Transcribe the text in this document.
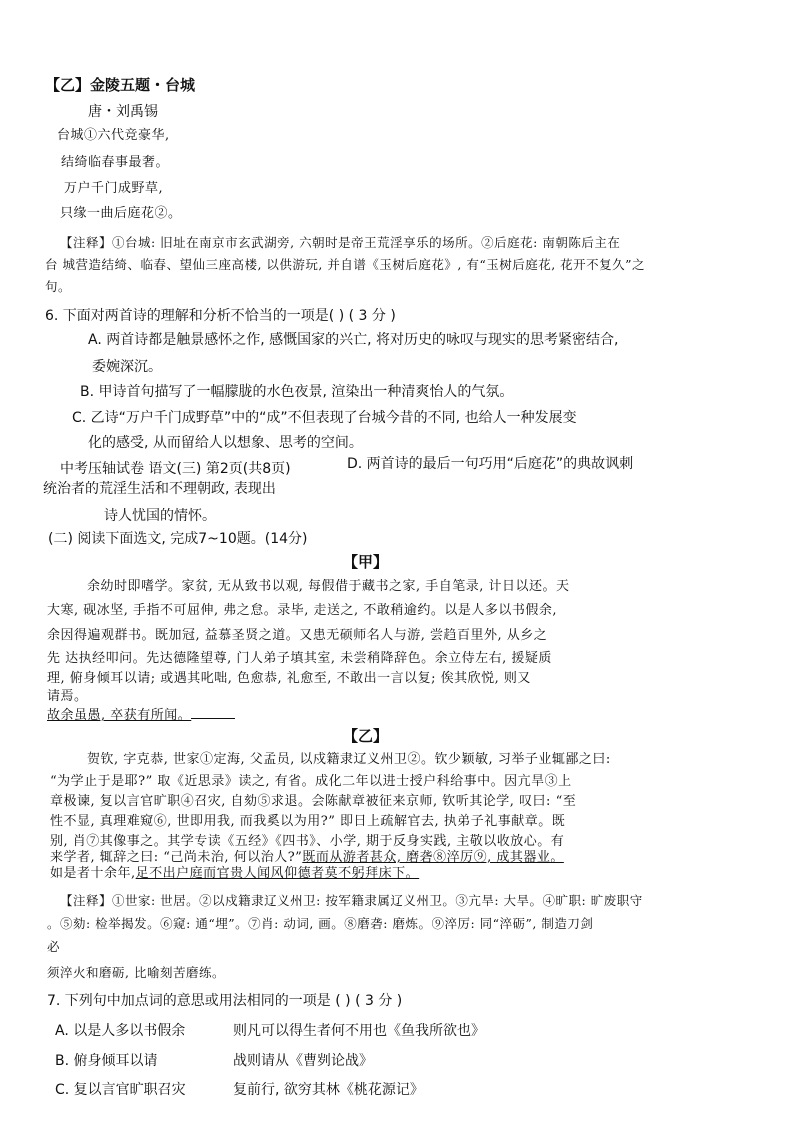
【乙】金陵五题・台城
唐・刘禹锡
台城①六代竞豪华,
结绮临春事最奢。
万户千门成野草,
只缘一曲后庭花②。
【注释】①台城: 旧址在南京市玄武湖旁, 六朝时是帝王荒淫享乐的场所。②后庭花: 南朝陈后主在
台 城营造结绮、临春、望仙三座高楼, 以供游玩, 并自谱《玉树后庭花》, 有“玉树后庭花, 花开不复久”之
句。
6. 下面对两首诗的理解和分析不恰当的一项是( ) ( 3 分 )
A. 两首诗都是触景感怀之作, 感慨国家的兴亡, 将对历史的咏叹与现实的思考紧密结合,
委婉深沉。
B. 甲诗首句描写了一幅朦胧的水色夜景, 渲染出一种清爽怡人的气氛。
C. 乙诗“万户千门成野草”中的“成”不但表现了台城今昔的不同, 也给人一种发展变
化的感受, 从而留给人以想象、思考的空间。
中考压轴试卷 语文(三) 第2页(共8页)	D. 两首诗的最后一句巧用“后庭花”的典故讽刺
统治者的荒淫生活和不理朝政, 表现出
诗人忧国的情怀。
(二) 阅读下面选文, 完成7~10题。(14分)
【甲】
余幼时即嗜学。家贫, 无从致书以观, 每假借于藏书之家, 手自笔录, 计日以还。天
大寒, 砚冰坚, 手指不可屈伸, 弗之怠。录毕, 走送之, 不敢稍逾约。以是人多以书假余,
余因得遍观群书。既加冠, 益慕圣贤之道。又患无硕师名人与游, 尝趋百里外, 从乡之
先 达执经叩问。先达德隆望尊, 门人弟子填其室, 未尝稍降辞色。余立侍左右, 援疑质
理, 俯身倾耳以请; 或遇其叱咄, 色愈恭, 礼愈至, 不敢出一言以复; 俟其欣悦, 则又
请焉。
故余虽愚, 卒获有所闻。
【乙】
贺钦, 字克恭, 世家①定海, 父孟员, 以戍籍隶辽义州卫②。钦少颖敏, 习举子业辄鄙之曰:
“为学止于是耶?” 取《近思录》读之, 有省。成化二年以进士授户科给事中。因亢旱③上
章极谏, 复以言官旷职④召灾, 自劾⑤求退。会陈献章被征来京师, 钦听其论学, 叹曰: “至
性不显, 真理难窥⑥, 世即用我, 而我奚以为用?” 即日上疏解官去, 执弟子礼事献章。既
别, 肖⑦其像事之。其学专读《五经》《四书》、小学, 期于反身实践, 主敬以收放心。有
来学者, 辄辞之曰: “己尚未治, 何以治人?”既而从游者甚众, 磨砻⑧淬厉⑨, 成其器业。
如是者十余年,足不出户庭而官贵人闻风仰德者莫不躬拜床下。
【注释】①世家: 世居。②以戍籍隶辽义州卫: 按军籍隶属辽义州卫。③亢旱: 大旱。④旷职: 旷废职守
。⑤劾: 检举揭发。⑥窥: 通“埋”。⑦肖: 动词, 画。⑧磨砻: 磨炼。⑨淬厉: 同“淬砺”, 制造刀剑
必
须淬火和磨砺, 比喻刻苦磨练。
7. 下列句中加点词的意思或用法相同的一项是 ( ) ( 3 分 )
A. 以是人多以书假余	则凡可以得生者何不用也《鱼我所欲也》
B. 俯身倾耳以请	战则请从《曹刿论战》
C. 复以言官旷职召灾	复前行, 欲穷其林《桃花源记》
